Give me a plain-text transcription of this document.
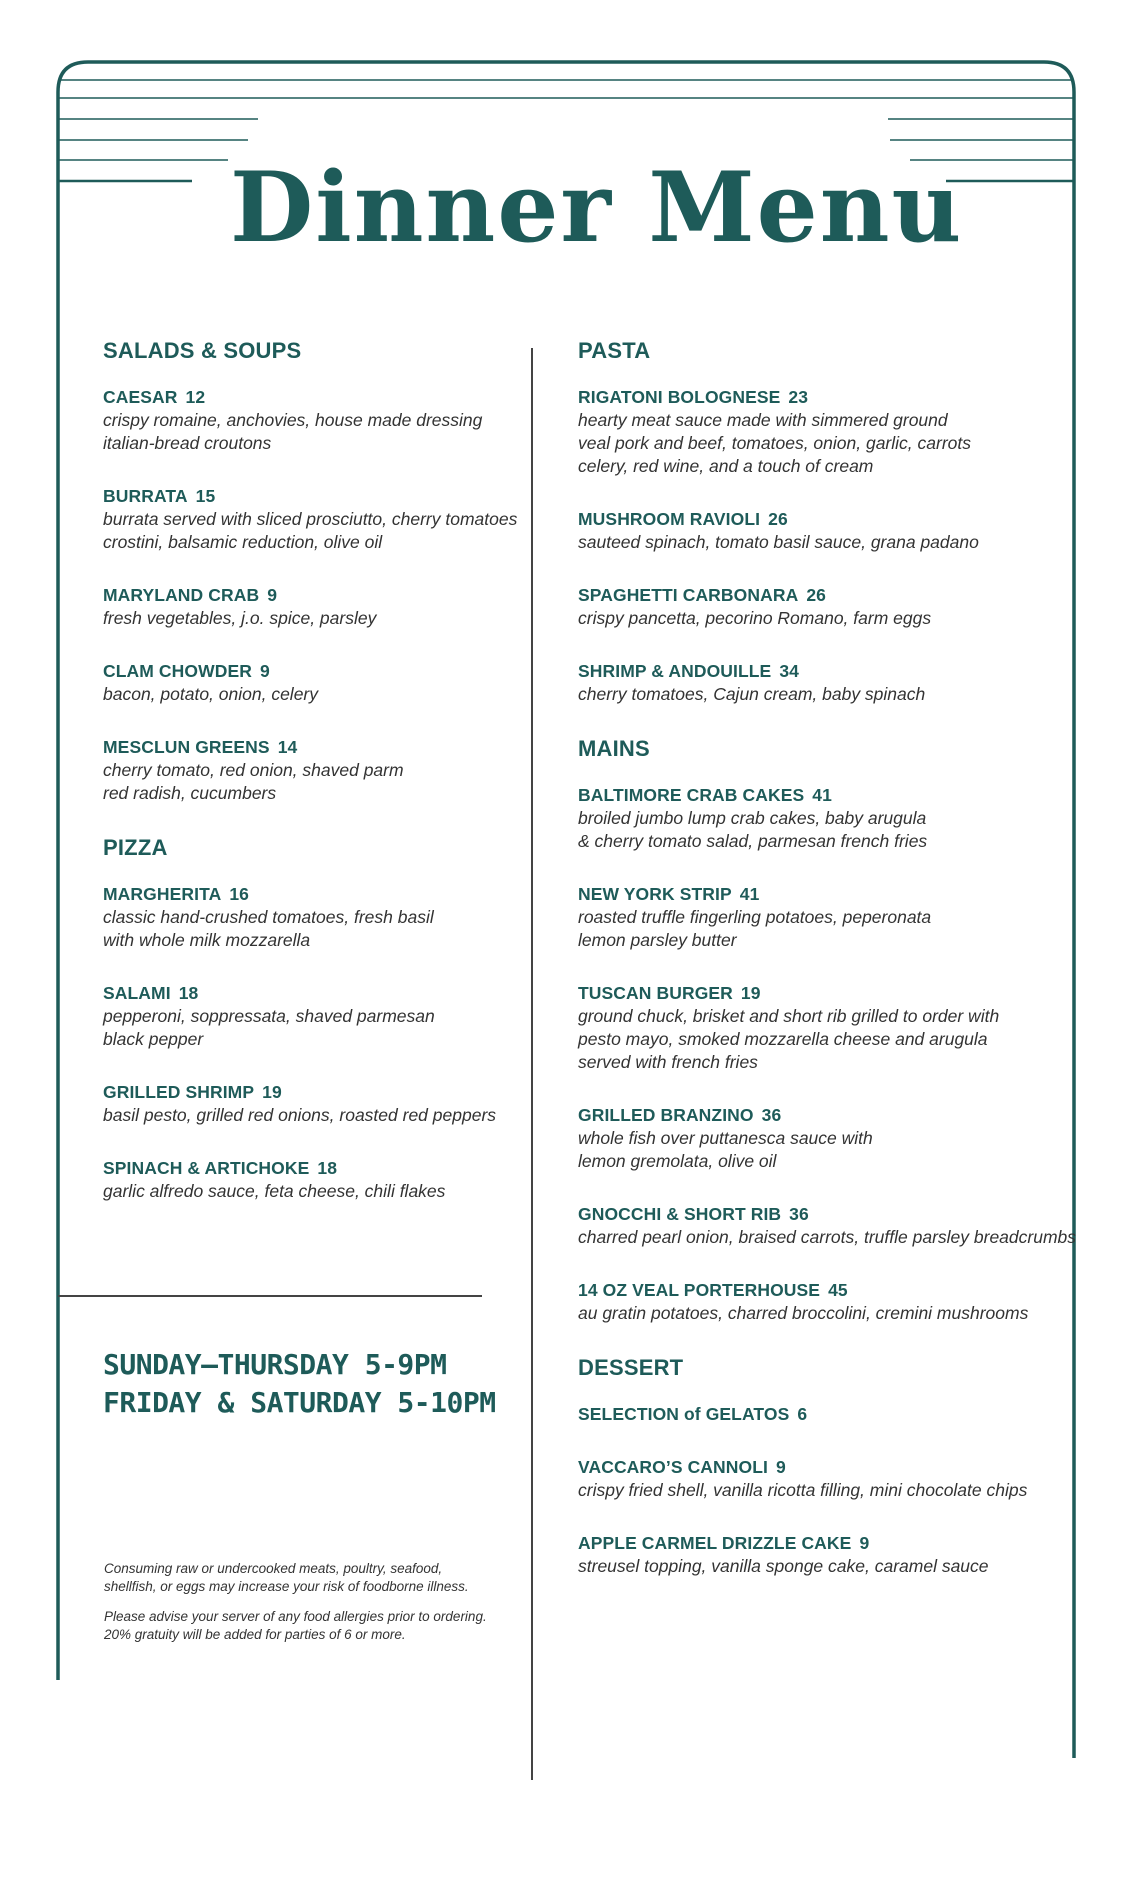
Dinner Menu
SALADS & SOUPS
CAESAR 12
crispy romaine, anchovies, house made dressing
italian-bread croutons
BURRATA 15
burrata served with sliced prosciutto, cherry tomatoes
crostini, balsamic reduction, olive oil
MARYLAND CRAB 9
fresh vegetables, j.o. spice, parsley
CLAM CHOWDER 9
bacon, potato, onion, celery
MESCLUN GREENS 14
cherry tomato, red onion, shaved parm
red radish, cucumbers
PIZZA
MARGHERITA 16
classic hand-crushed tomatoes, fresh basil
with whole milk mozzarella
SALAMI 18
pepperoni, soppressata, shaved parmesan
black pepper
GRILLED SHRIMP 19
basil pesto, grilled red onions, roasted red peppers
SPINACH & ARTICHOKE 18
garlic alfredo sauce, feta cheese, chili flakes
PASTA
RIGATONI BOLOGNESE 23
hearty meat sauce made with simmered ground
veal pork and beef, tomatoes, onion, garlic, carrots
celery, red wine, and a touch of cream
MUSHROOM RAVIOLI 26
sauteed spinach, tomato basil sauce, grana padano
SPAGHETTI CARBONARA 26
crispy pancetta, pecorino Romano, farm eggs
SHRIMP & ANDOUILLE 34
cherry tomatoes, Cajun cream, baby spinach
MAINS
BALTIMORE CRAB CAKES 41
broiled jumbo lump crab cakes, baby arugula
& cherry tomato salad, parmesan french fries
NEW YORK STRIP 41
roasted truffle fingerling potatoes, peperonata
lemon parsley butter
TUSCAN BURGER 19
ground chuck, brisket and short rib grilled to order with
pesto mayo, smoked mozzarella cheese and arugula
served with french fries
GRILLED BRANZINO 36
whole fish over puttanesca sauce with
lemon gremolata, olive oil
GNOCCHI & SHORT RIB 36
charred pearl onion, braised carrots, truffle parsley breadcrumbs
14 OZ VEAL PORTERHOUSE 45
au gratin potatoes, charred broccolini, cremini mushrooms
DESSERT
SELECTION of GELATOS 6
VACCARO’S CANNOLI 9
crispy fried shell, vanilla ricotta filling, mini chocolate chips
APPLE CARMEL DRIZZLE CAKE 9
streusel topping, vanilla sponge cake, caramel sauce
SUNDAY—THURSDAY 5-9PM
FRIDAY & SATURDAY 5-10PM
Consuming raw or undercooked meats, poultry, seafood,
shellfish, or eggs may increase your risk of foodborne illness.
Please advise your server of any food allergies prior to ordering.
20% gratuity will be added for parties of 6 or more.
